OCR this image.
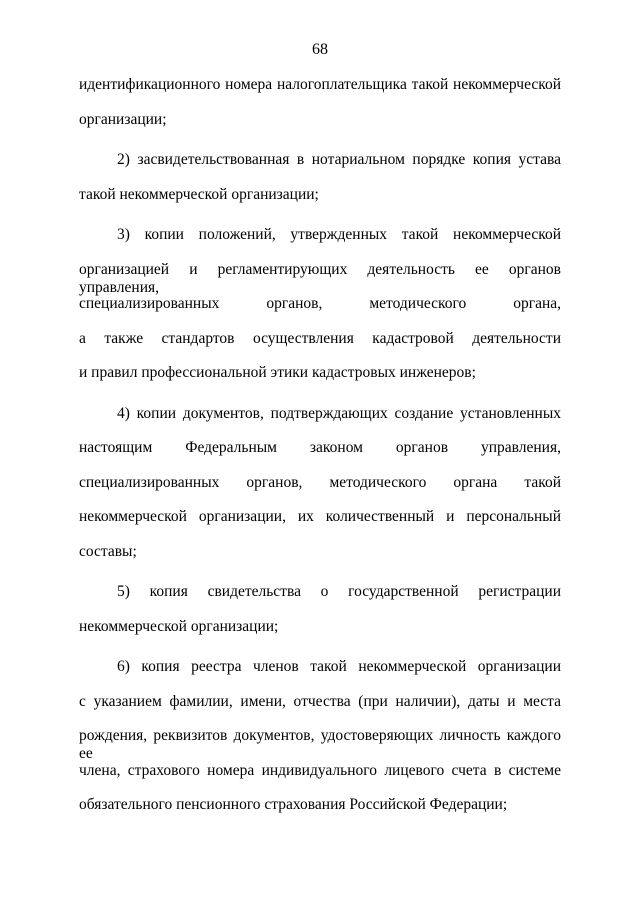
68
идентификационного номера налогоплательщика такой некоммерческой
организации;
2) засвидетельствованная в нотариальном порядке копия устава
такой некоммерческой организации;
3) копии положений, утвержденных такой некоммерческой
организацией и регламентирующих деятельность ее органов управления,
специализированных органов, методического органа,
а также стандартов осуществления кадастровой деятельности
и правил профессиональной этики кадастровых инженеров;
4) копии документов, подтверждающих создание установленных
настоящим Федеральным законом органов управления,
специализированных органов, методического органа такой
некоммерческой организации, их количественный и персональный
составы;
5) копия свидетельства о государственной регистрации
некоммерческой организации;
6) копия реестра членов такой некоммерческой организации
с указанием фамилии, имени, отчества (при наличии), даты и места
рождения, реквизитов документов, удостоверяющих личность каждого ее
члена, страхового номера индивидуального лицевого счета в системе
обязательного пенсионного страхования Российской Федерации;
